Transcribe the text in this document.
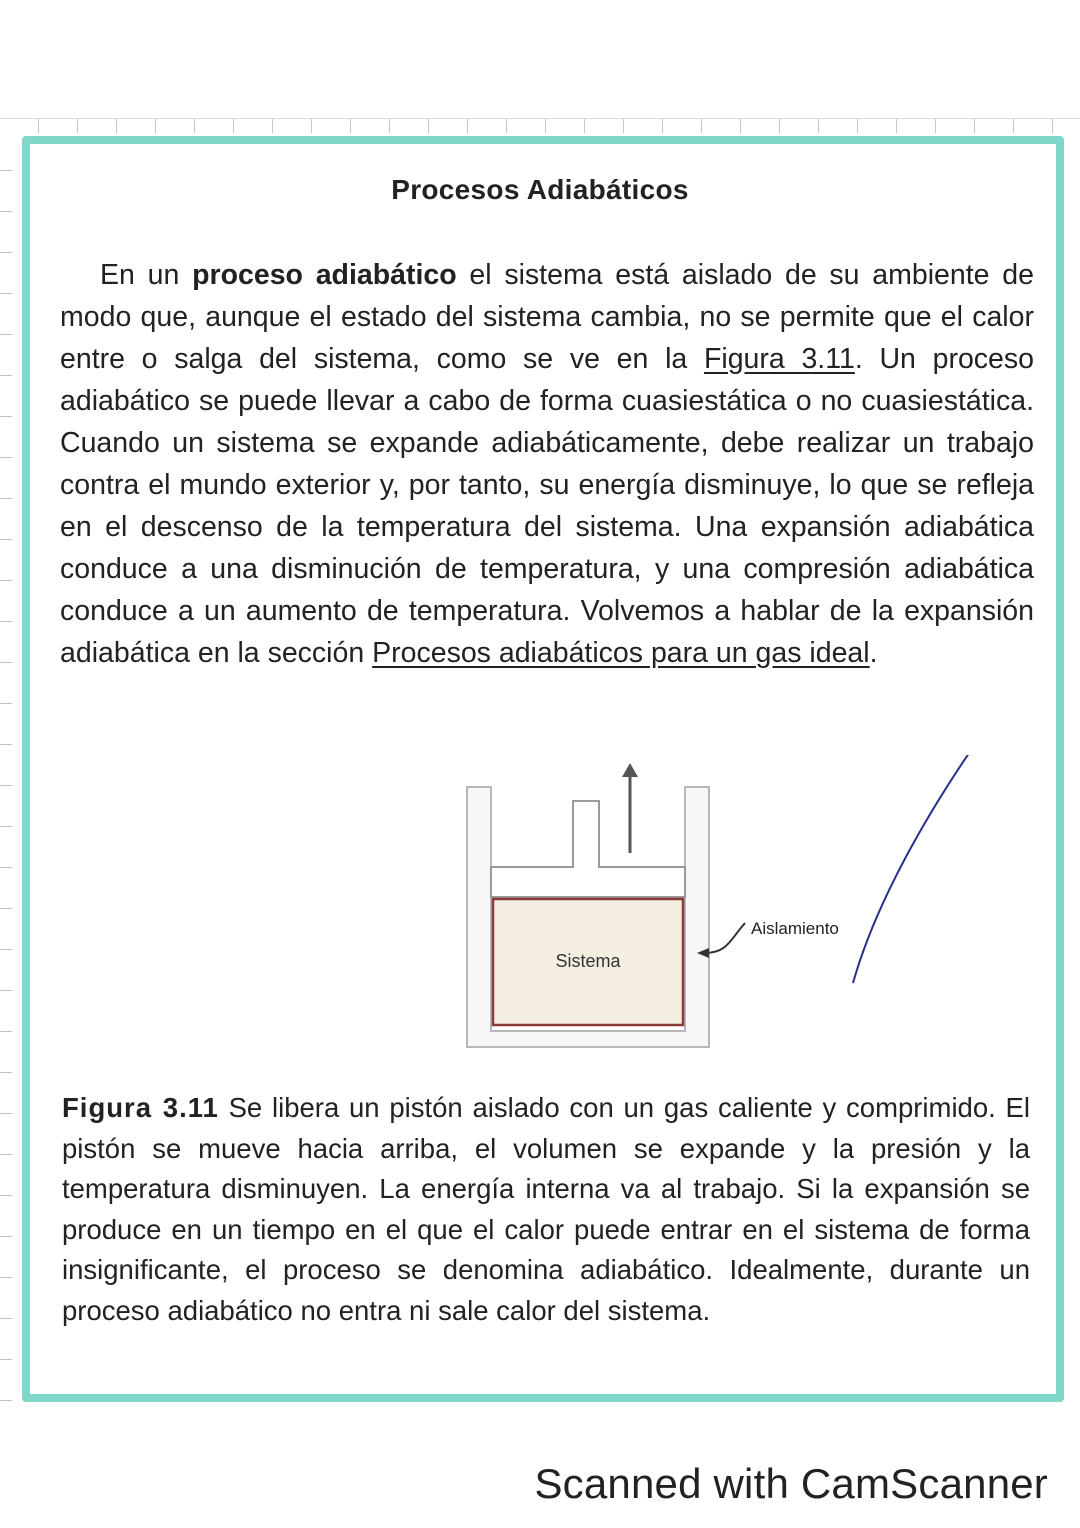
Procesos Adiabáticos
En un proceso adiabático el sistema está aislado de su ambiente de modo que, aunque el estado del sistema cambia, no se permite que el calor entre o salga del sistema, como se ve en la Figura 3.11. Un proceso adiabático se puede llevar a cabo de forma cuasiestática o no cuasiestática. Cuando un sistema se expande adiabáticamente, debe realizar un trabajo contra el mundo exterior y, por tanto, su energía disminuye, lo que se refleja en el descenso de la temperatura del sistema. Una expansión adiabática conduce a una disminución de temperatura, y una compresión adiabática conduce a un aumento de temperatura. Volvemos a hablar de la expansión adiabática en la sección Procesos adiabáticos para un gas ideal.
Sistema
Aislamiento
Figura 3.11 Se libera un pistón aislado con un gas caliente y comprimido. El pistón se mueve hacia arriba, el volumen se expande y la presión y la temperatura disminuyen. La energía interna va al trabajo. Si la expansión se produce en un tiempo en el que el calor puede entrar en el sistema de forma insignificante, el proceso se denomina adiabático. Idealmente, durante un proceso adiabático no entra ni sale calor del sistema.
Scanned with CamScanner
